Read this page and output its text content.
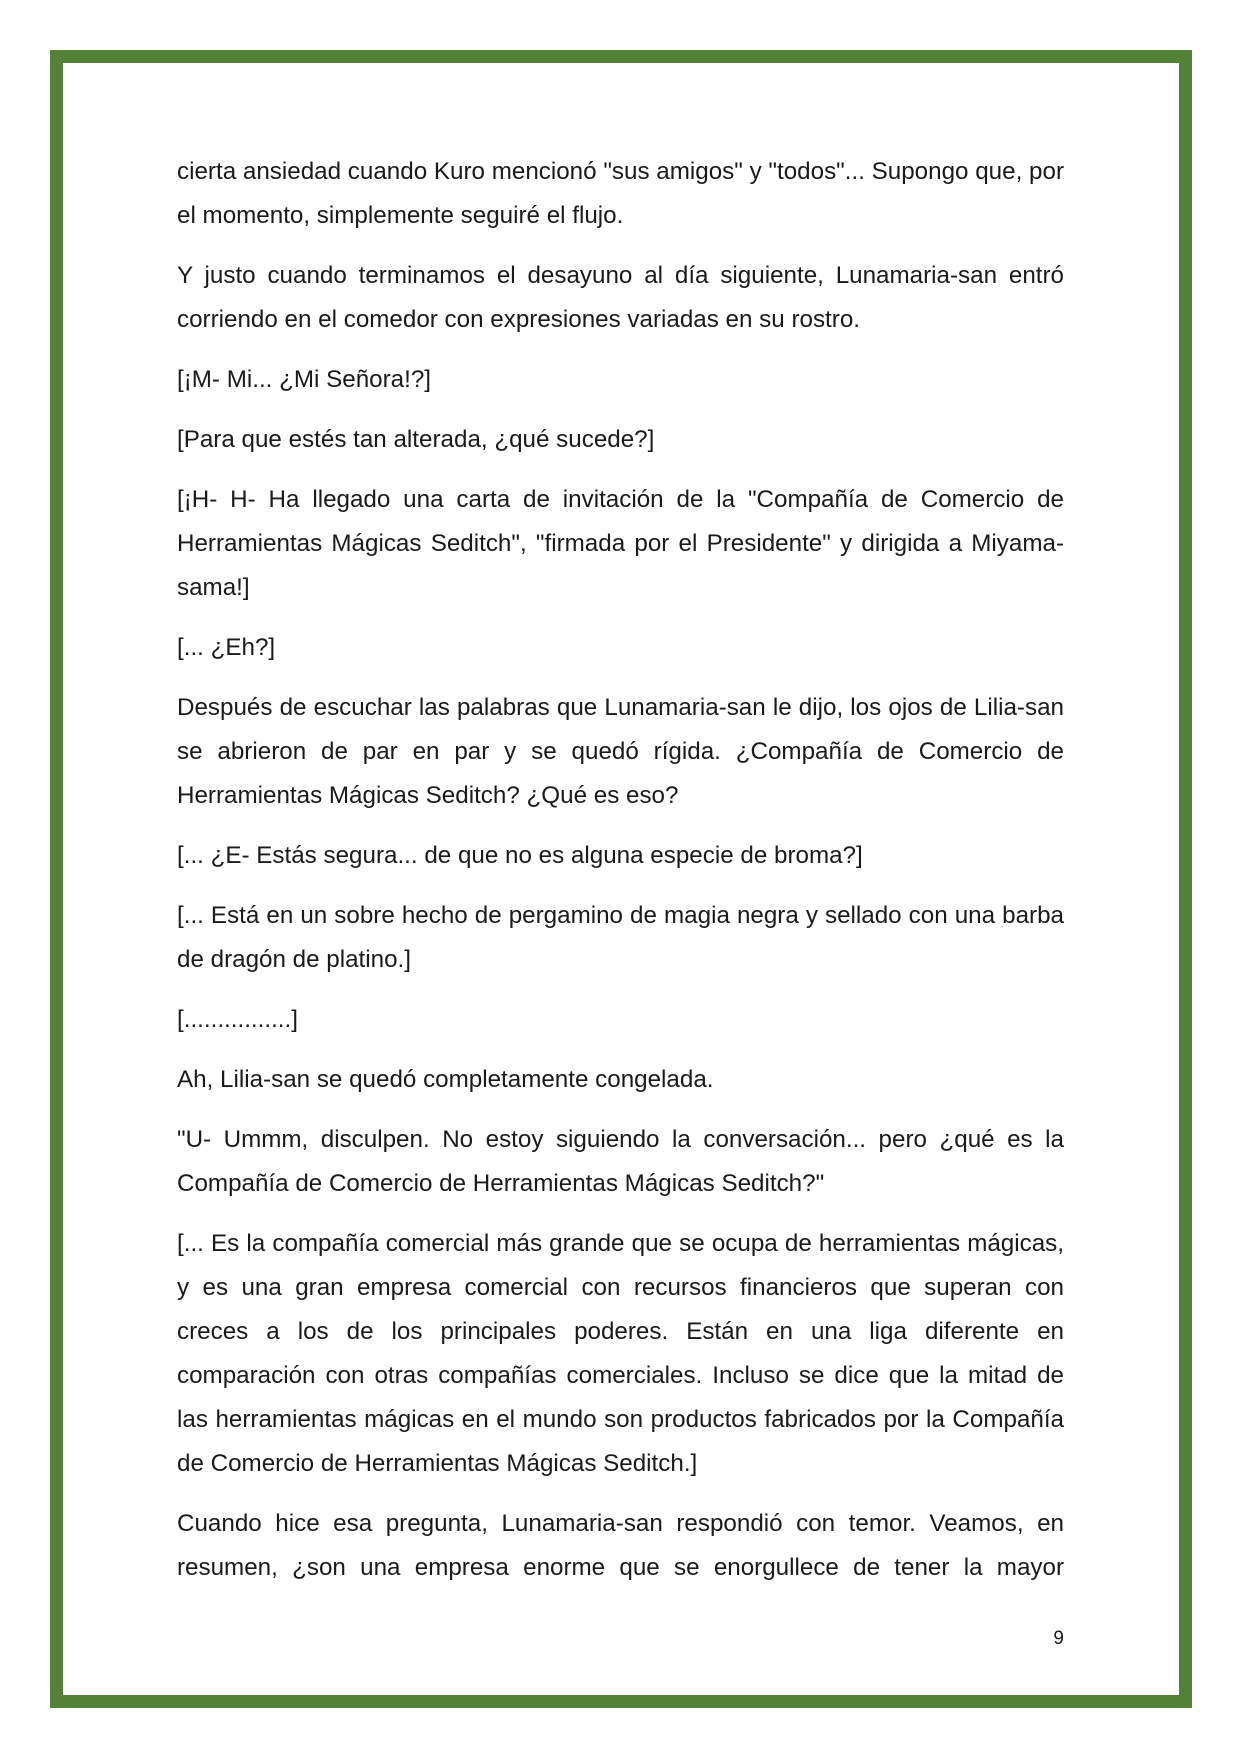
cierta ansiedad cuando Kuro mencionó "sus amigos" y "todos"... Supongo que, por el momento, simplemente seguiré el flujo.

Y justo cuando terminamos el desayuno al día siguiente, Lunamaria-san entró corriendo en el comedor con expresiones variadas en su rostro.

[¡M- Mi... ¿Mi Señora!?]

[Para que estés tan alterada, ¿qué sucede?]

[¡H- H- Ha llegado una carta de invitación de la "Compañía de Comercio de Herramientas Mágicas Seditch", "firmada por el Presidente" y dirigida a Miyama-sama!]

[... ¿Eh?]

Después de escuchar las palabras que Lunamaria-san le dijo, los ojos de Lilia-san se abrieron de par en par y se quedó rígida. ¿Compañía de Comercio de Herramientas Mágicas Seditch? ¿Qué es eso?

[... ¿E- Estás segura... de que no es alguna especie de broma?]

[... Está en un sobre hecho de pergamino de magia negra y sellado con una barba de dragón de platino.]

[................]

Ah, Lilia-san se quedó completamente congelada.

"U- Ummm, disculpen. No estoy siguiendo la conversación... pero ¿qué es la Compañía de Comercio de Herramientas Mágicas Seditch?"

[... Es la compañía comercial más grande que se ocupa de herramientas mágicas, y es una gran empresa comercial con recursos financieros que superan con creces a los de los principales poderes. Están en una liga diferente en comparación con otras compañías comerciales. Incluso se dice que la mitad de las herramientas mágicas en el mundo son productos fabricados por la Compañía de Comercio de Herramientas Mágicas Seditch.]

Cuando hice esa pregunta, Lunamaria-san respondió con temor. Veamos, en resumen, ¿son una empresa enorme que se enorgullece de tener la mayor

9
